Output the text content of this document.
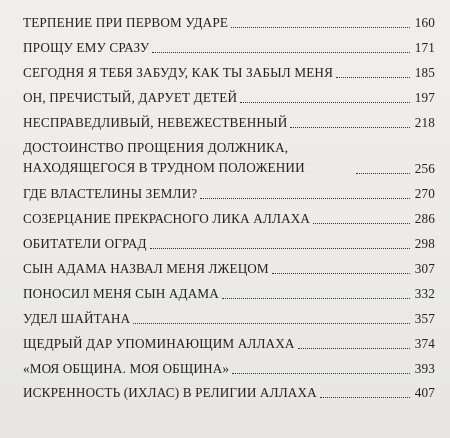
ТЕРПЕНИЕ ПРИ ПЕРВОМ УДАРЕ	160
ПРОЩУ ЕМУ СРАЗУ	171
СЕГОДНЯ Я ТЕБЯ ЗАБУДУ, КАК ТЫ ЗАБЫЛ МЕНЯ	185
ОН, ПРЕЧИСТЫЙ, ДАРУЕТ ДЕТЕЙ	197
НЕСПРАВЕДЛИВЫЙ, НЕВЕЖЕСТВЕННЫЙ	218
ДОСТОИНСТВО ПРОЩЕНИЯ ДОЛЖНИКА, НАХОДЯЩЕГОСЯ В ТРУДНОМ ПОЛОЖЕНИИ	256
ГДЕ ВЛАСТЕЛИНЫ ЗЕМЛИ?	270
СОЗЕРЦАНИЕ ПРЕКРАСНОГО ЛИКА АЛЛАХА	286
ОБИТАТЕЛИ ОГРАД	298
СЫН АДАМА НАЗВАЛ МЕНЯ ЛЖЕЦОМ	307
ПОНОСИЛ МЕНЯ СЫН АДАМА	332
УДЕЛ ШАЙТАНА	357
ЩЕДРЫЙ ДАР УПОМИНАЮЩИМ АЛЛАХА	374
«МОЯ ОБЩИНА. МОЯ ОБЩИНА»	393
ИСКРЕННОСТЬ (ИХЛАС) В РЕЛИГИИ АЛЛАХА	407
